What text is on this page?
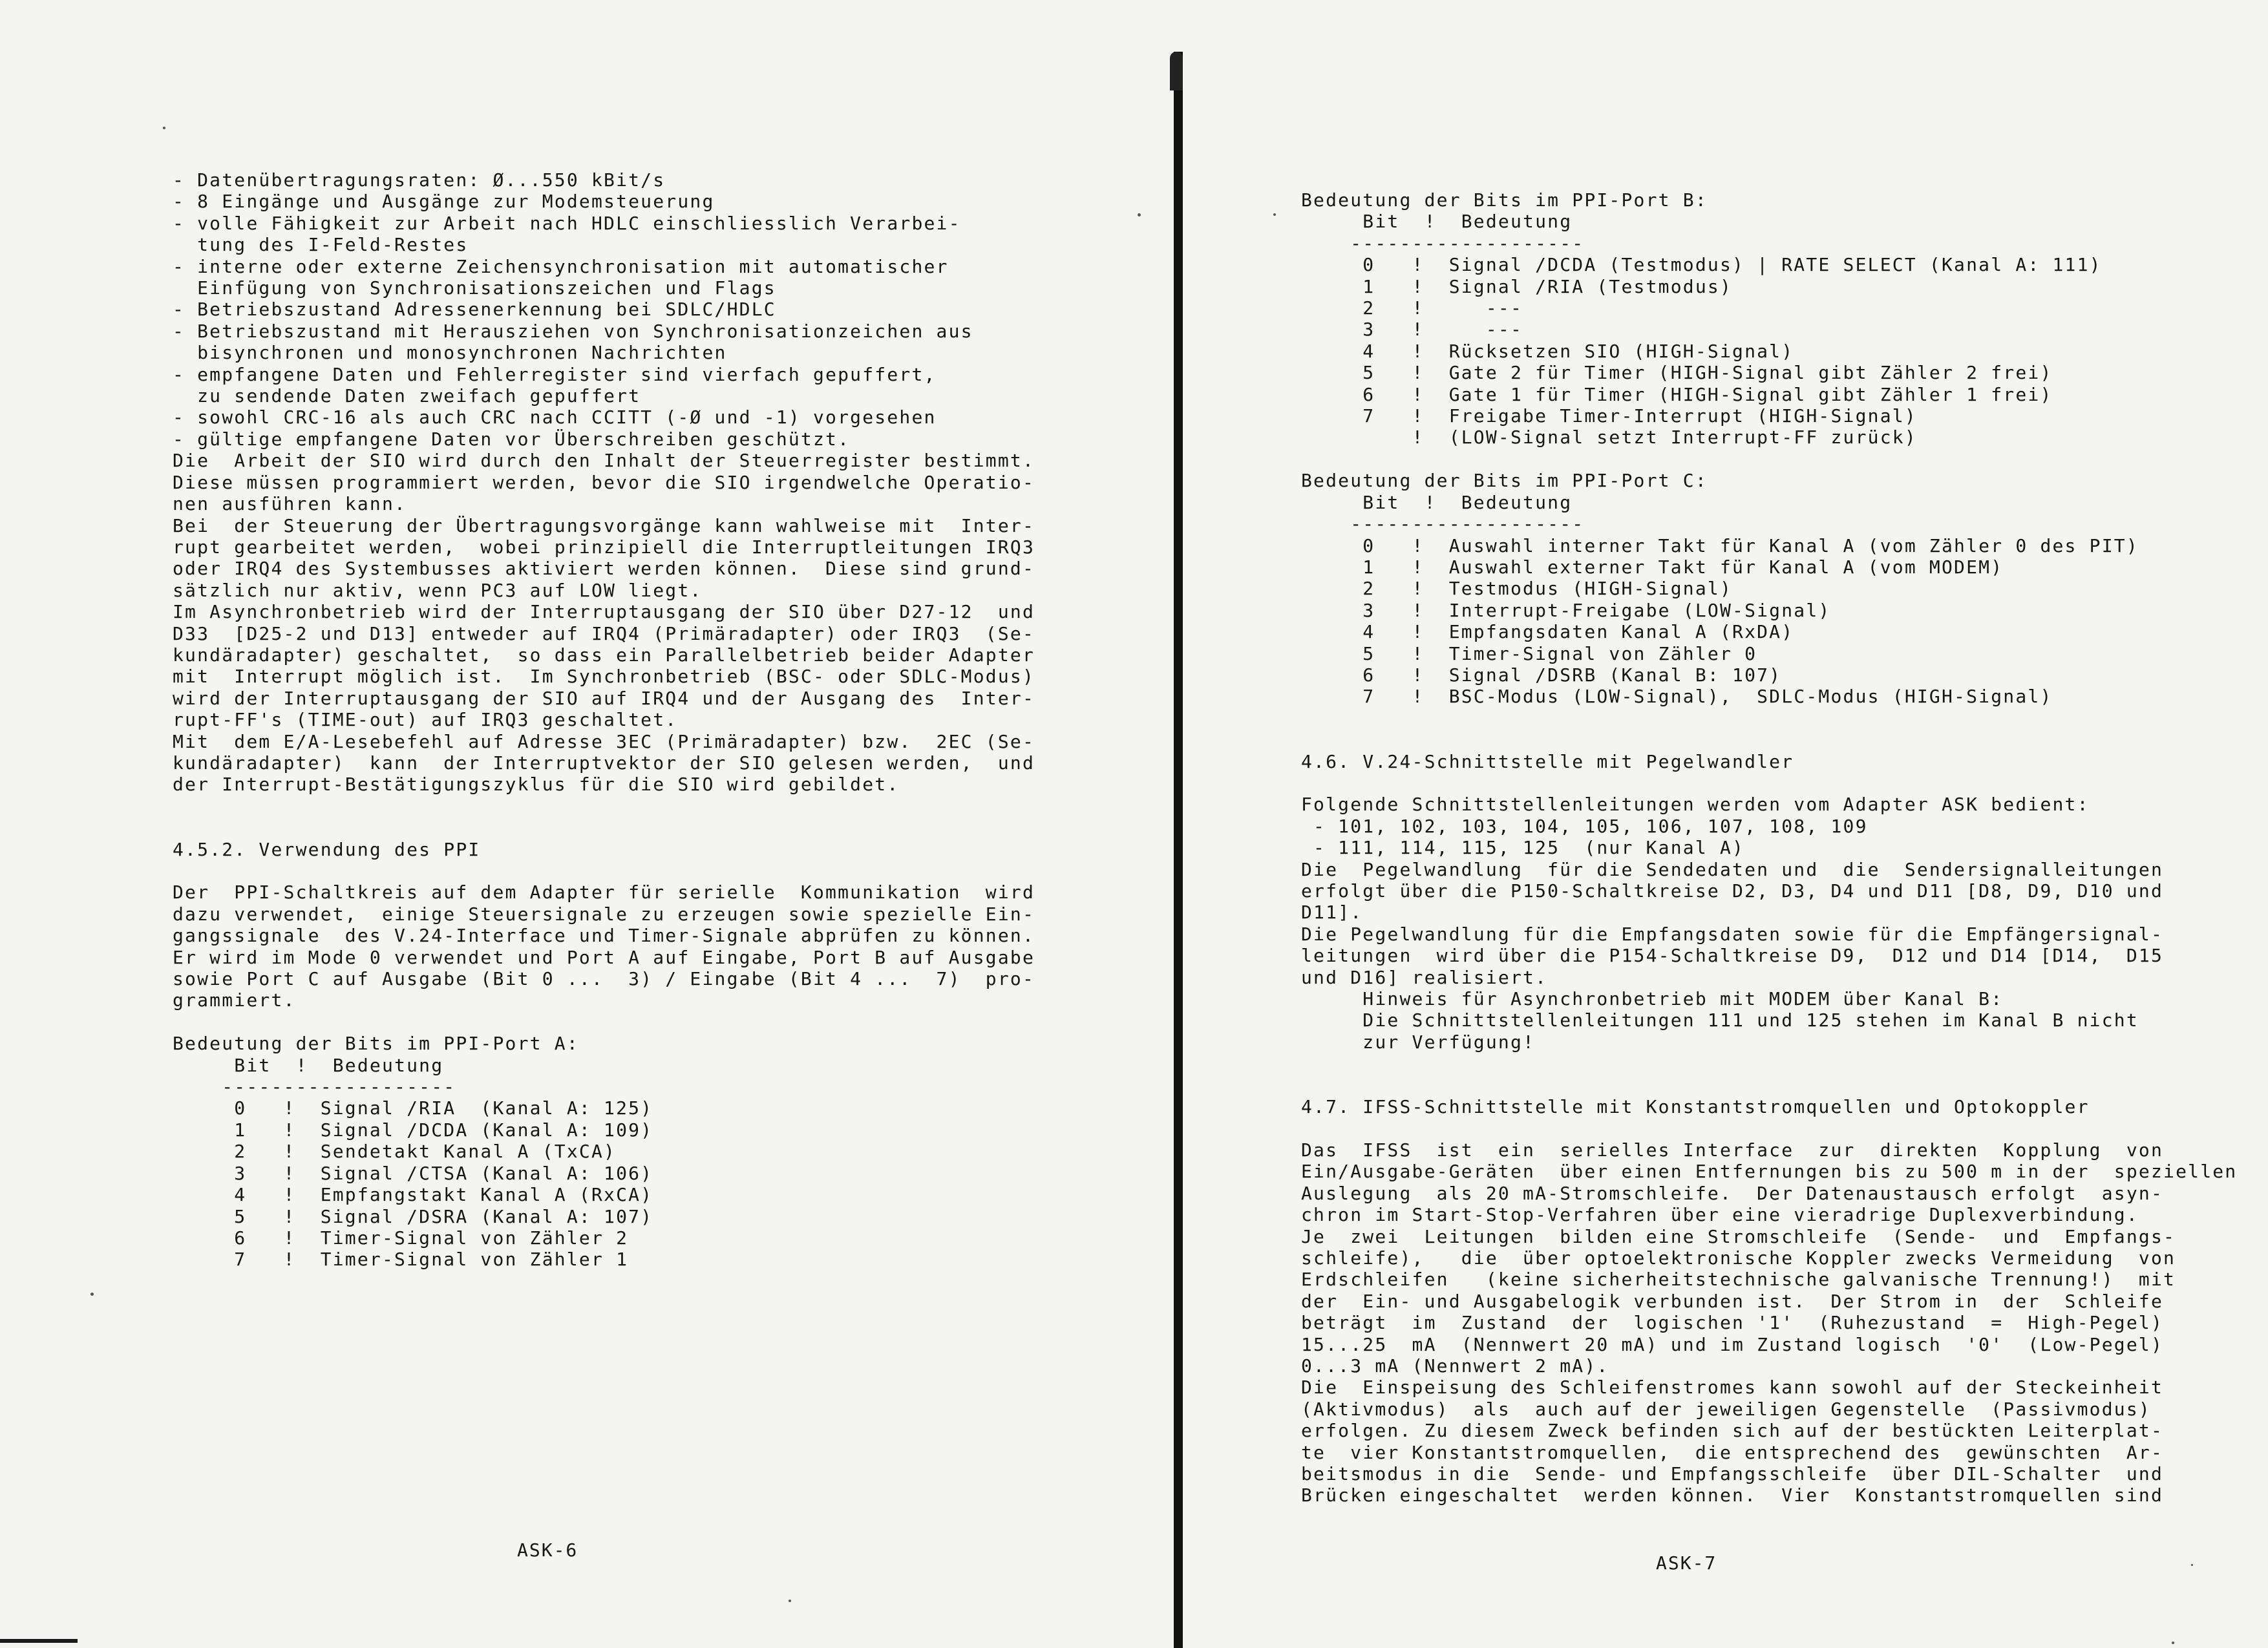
- Datenübertragungsraten: Ø...550 kBit/s
- 8 Eingänge und Ausgänge zur Modemsteuerung
- volle Fähigkeit zur Arbeit nach HDLC einschliesslich Verarbei-
tung des I-Feld-Restes
- interne oder externe Zeichensynchronisation mit automatischer
Einfügung von Synchronisationszeichen und Flags
- Betriebszustand Adressenerkennung bei SDLC/HDLC
- Betriebszustand mit Herausziehen von Synchronisationzeichen aus
bisynchronen und monosynchronen Nachrichten
- empfangene Daten und Fehlerregister sind vierfach gepuffert,
zu sendende Daten zweifach gepuffert
- sowohl CRC-16 als auch CRC nach CCITT (-Ø und -1) vorgesehen
- gültige empfangene Daten vor Überschreiben geschützt.
Die  Arbeit der SIO wird durch den Inhalt der Steuerregister bestimmt.
Diese müssen programmiert werden, bevor die SIO irgendwelche Operatio-
nen ausführen kann.
Bei  der Steuerung der Übertragungsvorgänge kann wahlweise mit  Inter-
rupt gearbeitet werden,  wobei prinzipiell die Interruptleitungen IRQ3
oder IRQ4 des Systembusses aktiviert werden können.  Diese sind grund-
sätzlich nur aktiv, wenn PC3 auf LOW liegt.
Im Asynchronbetrieb wird der Interruptausgang der SIO über D27-12  und
D33  [D25-2 und D13] entweder auf IRQ4 (Primäradapter) oder IRQ3  (Se-
kundäradapter) geschaltet,  so dass ein Parallelbetrieb beider Adapter
mit  Interrupt möglich ist.  Im Synchronbetrieb (BSC- oder SDLC-Modus)
wird der Interruptausgang der SIO auf IRQ4 und der Ausgang des  Inter-
rupt-FF's (TIME-out) auf IRQ3 geschaltet.
Mit  dem E/A-Lesebefehl auf Adresse 3EC (Primäradapter) bzw.  2EC (Se-
kundäradapter)  kann  der Interruptvektor der SIO gelesen werden,  und
der Interrupt-Bestätigungszyklus für die SIO wird gebildet.

4.5.2. Verwendung des PPI

Der  PPI-Schaltkreis auf dem Adapter für serielle  Kommunikation  wird
dazu verwendet,  einige Steuersignale zu erzeugen sowie spezielle Ein-
gangssignale  des V.24-Interface und Timer-Signale abprüfen zu können.
Er wird im Mode 0 verwendet und Port A auf Eingabe, Port B auf Ausgabe
sowie Port C auf Ausgabe (Bit 0 ...  3) / Eingabe (Bit 4 ...  7)  pro-
grammiert.

Bedeutung der Bits im PPI-Port A:
Bit  !  Bedeutung
-------------------
0   !  Signal /RIA  (Kanal A: 125)
1   !  Signal /DCDA (Kanal A: 109)
2   !  Sendetakt Kanal A (TxCA)
3   !  Signal /CTSA (Kanal A: 106)
4   !  Empfangstakt Kanal A (RxCA)
5   !  Signal /DSRA (Kanal A: 107)
6   !  Timer-Signal von Zähler 2
7   !  Timer-Signal von Zähler 1
ASK-6
Bedeutung der Bits im PPI-Port B:
Bit  !  Bedeutung
-------------------
0   !  Signal /DCDA (Testmodus) | RATE SELECT (Kanal A: 111)
1   !  Signal /RIA (Testmodus)
2   !     ---
3   !     ---
4   !  Rücksetzen SIO (HIGH-Signal)
5   !  Gate 2 für Timer (HIGH-Signal gibt Zähler 2 frei)
6   !  Gate 1 für Timer (HIGH-Signal gibt Zähler 1 frei)
7   !  Freigabe Timer-Interrupt (HIGH-Signal)
!  (LOW-Signal setzt Interrupt-FF zurück)

Bedeutung der Bits im PPI-Port C:
Bit  !  Bedeutung
-------------------
0   !  Auswahl interner Takt für Kanal A (vom Zähler 0 des PIT)
1   !  Auswahl externer Takt für Kanal A (vom MODEM)
2   !  Testmodus (HIGH-Signal)
3   !  Interrupt-Freigabe (LOW-Signal)
4   !  Empfangsdaten Kanal A (RxDA)
5   !  Timer-Signal von Zähler 0
6   !  Signal /DSRB (Kanal B: 107)
7   !  BSC-Modus (LOW-Signal),  SDLC-Modus (HIGH-Signal)

4.6. V.24-Schnittstelle mit Pegelwandler

Folgende Schnittstellenleitungen werden vom Adapter ASK bedient:
- 101, 102, 103, 104, 105, 106, 107, 108, 109
- 111, 114, 115, 125  (nur Kanal A)
Die  Pegelwandlung  für die Sendedaten und  die  Sendersignalleitungen
erfolgt über die P150-Schaltkreise D2, D3, D4 und D11 [D8, D9, D10 und
D11].
Die Pegelwandlung für die Empfangsdaten sowie für die Empfängersignal-
leitungen  wird über die P154-Schaltkreise D9,  D12 und D14 [D14,  D15
und D16] realisiert.
Hinweis für Asynchronbetrieb mit MODEM über Kanal B:
Die Schnittstellenleitungen 111 und 125 stehen im Kanal B nicht
zur Verfügung!

4.7. IFSS-Schnittstelle mit Konstantstromquellen und Optokoppler

Das  IFSS  ist  ein  serielles Interface  zur  direkten  Kopplung  von
Ein/Ausgabe-Geräten  über einen Entfernungen bis zu 500 m in der  speziellen
Auslegung  als 20 mA-Stromschleife.  Der Datenaustausch erfolgt  asyn-
chron im Start-Stop-Verfahren über eine vieradrige Duplexverbindung.
Je  zwei  Leitungen  bilden eine Stromschleife  (Sende-  und  Empfangs-
schleife),   die  über optoelektronische Koppler zwecks Vermeidung  von
Erdschleifen   (keine sicherheitstechnische galvanische Trennung!)  mit
der  Ein- und Ausgabelogik verbunden ist.  Der Strom in  der  Schleife
beträgt  im  Zustand  der  logischen '1'  (Ruhezustand  =  High-Pegel)
15...25  mA  (Nennwert 20 mA) und im Zustand logisch  '0'  (Low-Pegel)
0...3 mA (Nennwert 2 mA).
Die  Einspeisung des Schleifenstromes kann sowohl auf der Steckeinheit
(Aktivmodus)  als  auch auf der jeweiligen Gegenstelle  (Passivmodus)
erfolgen. Zu diesem Zweck befinden sich auf der bestückten Leiterplat-
te  vier Konstantstromquellen,  die entsprechend des  gewünschten  Ar-
beitsmodus in die  Sende- und Empfangsschleife  über DIL-Schalter  und
Brücken eingeschaltet  werden können.  Vier  Konstantstromquellen sind
ASK-7
